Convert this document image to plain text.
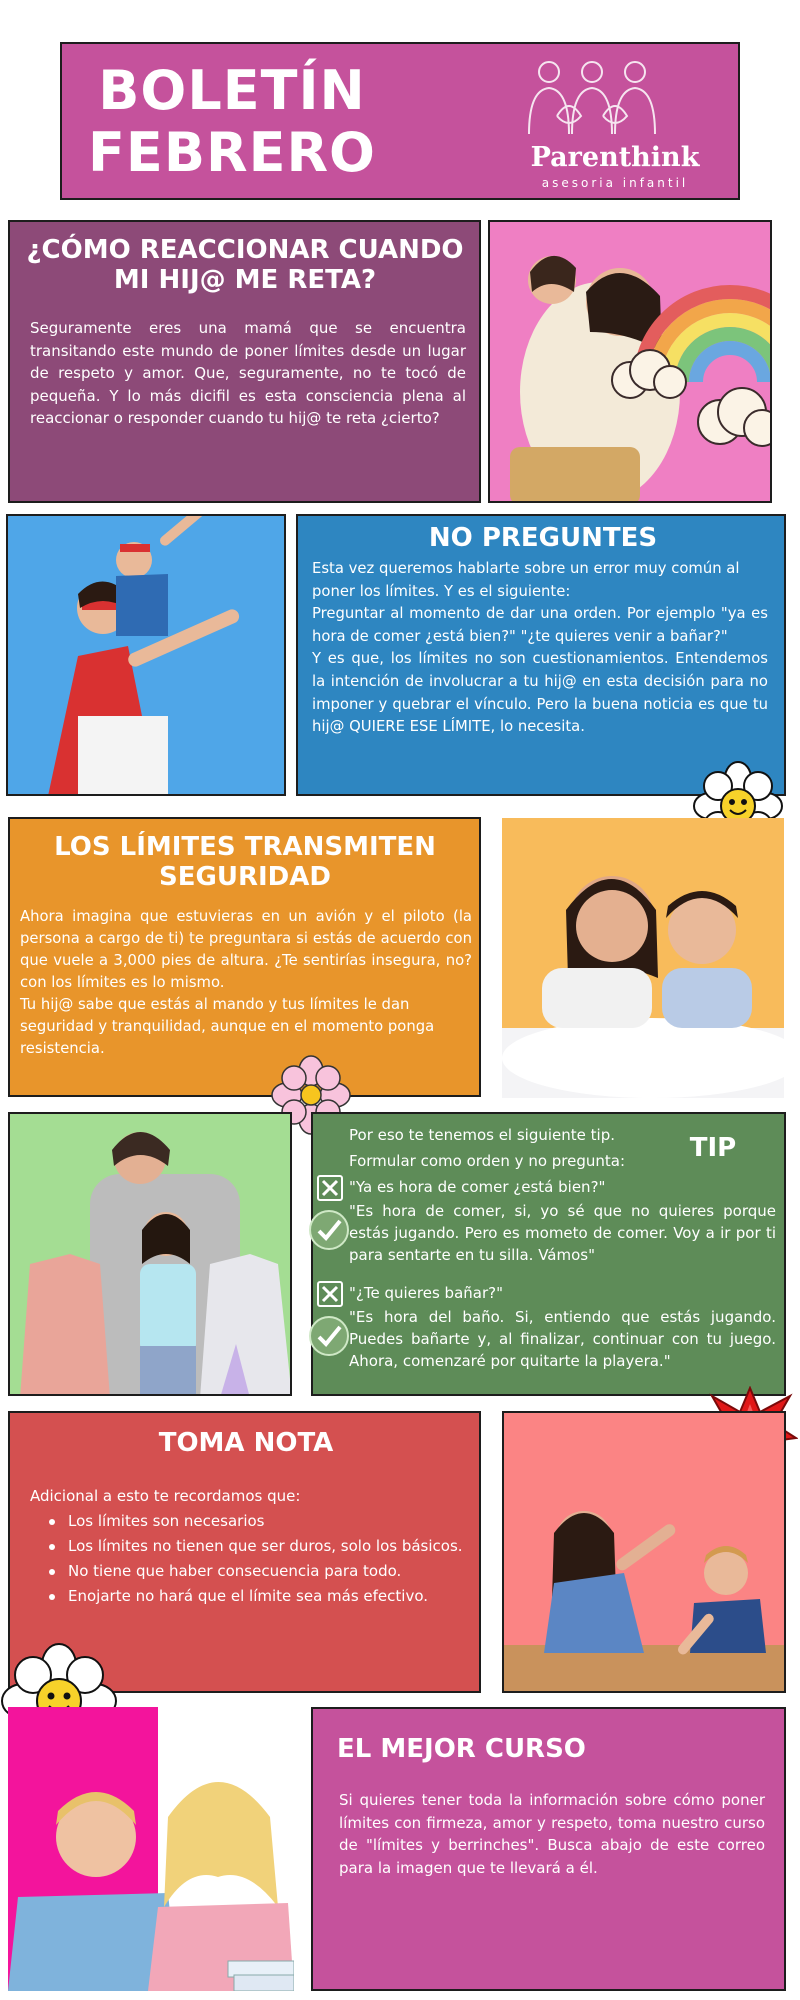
BOLETÍN
FEBRERO	Parenthink
asesoria infantil
¿CÓMO REACCIONAR CUANDO MI HIJ@ ME RETA?
Seguramente eres una mamá que se encuentra transitando este mundo de poner límites desde un lugar de respeto y amor. Que, seguramente, no te tocó de pequeña. Y lo más dicifil es esta consciencia plena al reaccionar o responder cuando tu hij@ te reta ¿cierto?
NO PREGUNTES

Esta vez queremos hablarte sobre un error muy común al poner los límites. Y es el siguiente:

Preguntar al momento de dar una orden. Por ejemplo "ya es hora de comer ¿está bien?" "¿te quieres venir a bañar?"

Y es que, los límites no son cuestionamientos. Entendemos la intención de involucrar a tu hij@ en esta decisión para no imponer y quebrar el vínculo. Pero la buena noticia es que tu hij@ QUIERE ESE LÍMITE, lo necesita.

LOS LÍMITES TRANSMITEN SEGURIDAD

Ahora imagina que estuvieras en un avión y el piloto (la persona a cargo de ti) te preguntara si estás de acuerdo con que vuele a 3,000 pies de altura. ¿Te sentirías insegura, no? con los límites es lo mismo.

Tu hij@ sabe que estás al mando y tus límites le dan seguridad y tranquilidad, aunque en el momento ponga resistencia.

TIP
Por eso te tenemos el siguiente tip.
Formular como orden y no pregunta:
"Ya es hora de comer ¿está bien?"
"Es hora de comer, si, yo sé que no quieres porque estás jugando. Pero es mometo de comer. Voy a ir por ti para sentarte en tu silla. Vámos"
"¿Te quieres bañar?"
"Es hora del baño. Si, entiendo que estás jugando. Puedes bañarte y, al finalizar, continuar con tu juego. Ahora, comenzaré por quitarte la playera."
TOMA NOTA
Adicional a esto te recordamos que:
Los límites son necesarios
Los límites no tienen que ser duros, solo los básicos.
No tiene que haber consecuencia para todo.
Enojarte no hará que el límite sea más efectivo.
EL MEJOR CURSO
Si quieres tener toda la información sobre cómo poner límites con firmeza, amor y respeto, toma nuestro curso de "límites y berrinches". Busca abajo de este correo para la imagen que te llevará a él.
